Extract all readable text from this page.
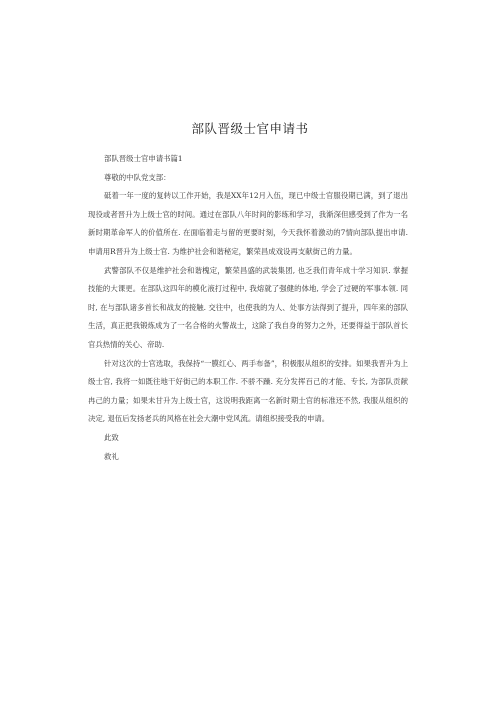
部队晋级士官申请书

部队晋级士官申请书篇1

尊敬的中队党支部：

砥着一年一度的复转以工作开始，我是XX年12月入伍，现已中级士官服役期已满，到了退出现役或者晋升为上级士官的时间。通过在部队八年时间的影练和学习，我渐深但感受到了作为一名新时期革命军人的价值所在. 在面临着走与留的更要时刻，今天我怀着激动的7情向部队提出申请. 申请用R晋升为上级士官. 为维护社会和谐秘定，繁荣昌成戏设再支献街己的力量。

武警部队不仅是维护社会和谐槐定，繁荣昌盛的武装集团, 也乏我们青年成十学习知识. 掌握技能的大课更。在部队这四年的模化液打过程中, 我熔就了强健的体地, 学会了过硬的军事本领. 同时, 在与部队诸多首长和战友的接触. 交往中，也使我的为人、处事方法得到了提升，四年来的部队生活，真正把我锻炼成为了一名合格的火警战士，这除了我自身的努力之外，还要得益于部队首长官兵热情的关心、帝助.

针对这次的士官选取，我保持“一膜红心、两手布备”，积极服从组织的安排。如果我晋升为上级士官, 我将一如既往地干好街己的本职工作. 不骄不躁. 充分发挥百己的才能、专长, 为部队贡献冉己的力量；如果未甘升为上级士官，这说明我距离一名新时期士官的标准还不然, 我服从组织的决定, 退伍后发扬老兵的风格在社会大潮中党风流。请组织接受我的申请。

此致

救礼
